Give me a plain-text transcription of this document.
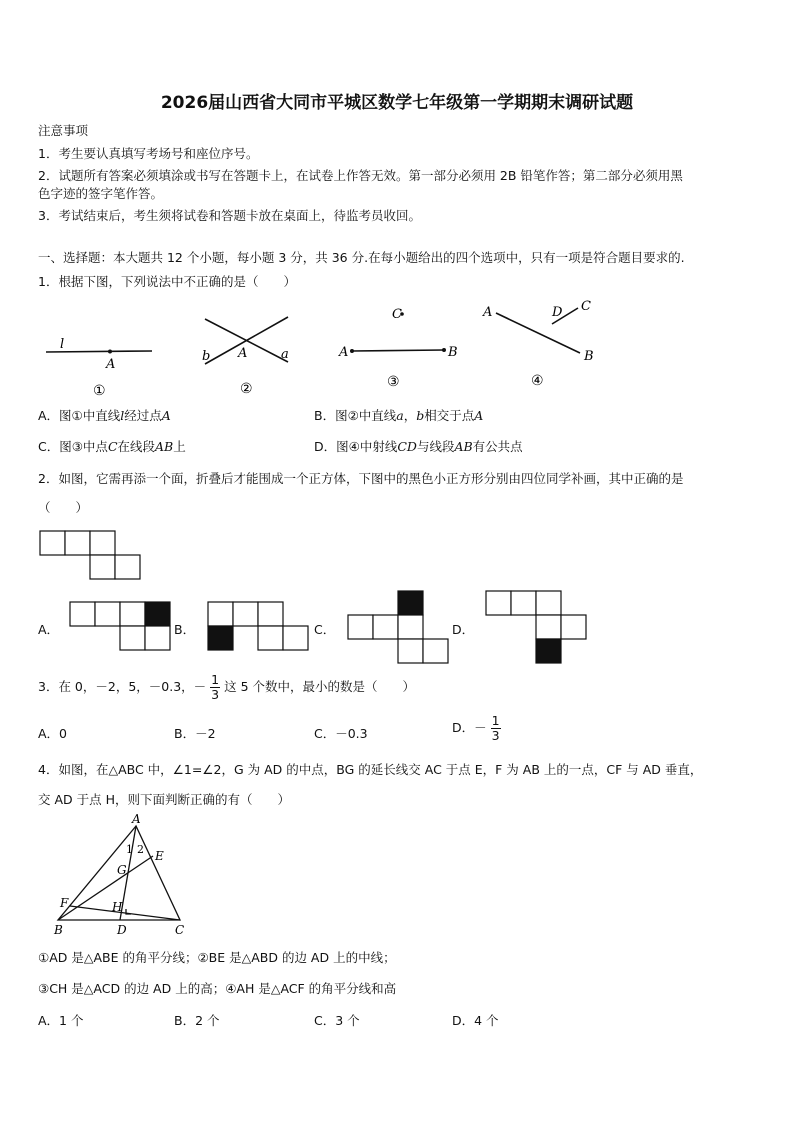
2026届山西省大同市平城区数学七年级第一学期期末调研试题
注意事项
1．考生要认真填写考场号和座位序号。
2．试题所有答案必须填涂或书写在答题卡上，在试卷上作答无效。第一部分必须用 2B 铅笔作答；第二部分必须用黑
色字迹的签字笔作答。
3．考试结束后，考生须将试卷和答题卡放在桌面上，待监考员收回。
一、选择题：本大题共 12 个小题，每小题 3 分，共 36 分.在每小题给出的四个选项中，只有一项是符合题目要求的.
1．根据下图，下列说法中不正确的是（　　）
l
A
①
b A	a
②
C
A	B
③
A	D C
B
④
A．图①中直线l经过点A	B．图②中直线a，b相交于点A
C．图③中点C在线段AB上	D．图④中射线CD与线段AB有公共点
2．如图，它需再添一个面，折叠后才能围成一个正方体，下图中的黑色小正方形分别由四位同学补画，其中正确的是
（　　）
A．	B．	C．	D．
3．在 0，－2，5，－0.3，－ $\frac{1}{3}$ 这 5 个数中，最小的数是（　　）
A．0	B．－2	C．－0.3	D．－ $\frac{1}{3}$
4．如图，在△ABC 中，∠1=∠2，G 为 AD 的中点，BG 的延长线交 AC 于点 E，F 为 AB 上的一点，CF 与 AD 垂直，
交 AD 于点 H，则下面判断正确的有（　　）
A
B	C
D
E
F
G
H
1 2
①AD 是△ABE 的角平分线；②BE 是△ABD 的边 AD 上的中线；
③CH 是△ACD 的边 AD 上的高；④AH 是△ACF 的角平分线和高
A．1 个	B．2 个	C．3 个	D．4 个
